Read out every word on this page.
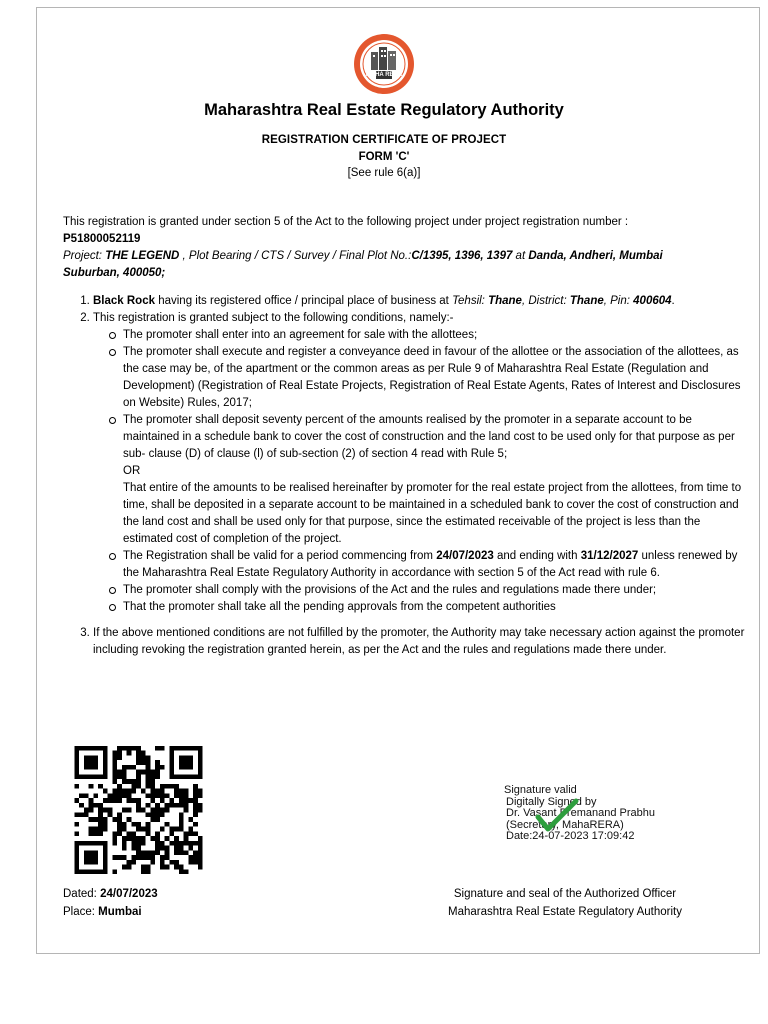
MAHA RERA
Maharashtra Real Estate Regulatory Authority
REGISTRATION CERTIFICATE OF PROJECT
FORM 'C'
[See rule 6(a)]
This registration is granted under section 5 of the Act to the following project under project registration number :
P51800052119
Project: THE LEGEND , Plot Bearing / CTS / Survey / Final Plot No.:C/1395, 1396, 1397 at Danda, Andheri, Mumbai Suburban, 400050;
1. Black Rock having its registered office / principal place of business at Tehsil: Thane, District: Thane, Pin: 400604.
2. This registration is granted subject to the following conditions, namely:-
The promoter shall enter into an agreement for sale with the allottees;
The promoter shall execute and register a conveyance deed in favour of the allottee or the association of the allottees, as the case may be, of the apartment or the common areas as per Rule 9 of Maharashtra Real Estate (Regulation and Development) (Registration of Real Estate Projects, Registration of Real Estate Agents, Rates of Interest and Disclosures on Website) Rules, 2017;
The promoter shall deposit seventy percent of the amounts realised by the promoter in a separate account to be maintained in a schedule bank to cover the cost of construction and the land cost to be used only for that purpose as per sub- clause (D) of clause (l) of sub-section (2) of section 4 read with Rule 5;
OR
That entire of the amounts to be realised hereinafter by promoter for the real estate project from the allottees, from time to time, shall be deposited in a separate account to be maintained in a scheduled bank to cover the cost of construction and the land cost and shall be used only for that purpose, since the estimated receivable of the project is less than the estimated cost of completion of the project.
The Registration shall be valid for a period commencing from 24/07/2023 and ending with 31/12/2027 unless renewed by the Maharashtra Real Estate Regulatory Authority in accordance with section 5 of the Act read with rule 6.
The promoter shall comply with the provisions of the Act and the rules and regulations made there under;
That the promoter shall take all the pending approvals from the competent authorities
3. If the above mentioned conditions are not fulfilled by the promoter, the Authority may take necessary action against the promoter including revoking the registration granted herein, as per the Act and the rules and regulations made there under.
Signature valid
Digitally Signed by
Dr. Vasant Premanand Prabhu
(Secretary, MahaRERA)
Date:24-07-2023 17:09:42
Dated: 24/07/2023
Place: Mumbai
Signature and seal of the Authorized Officer
Maharashtra Real Estate Regulatory Authority
